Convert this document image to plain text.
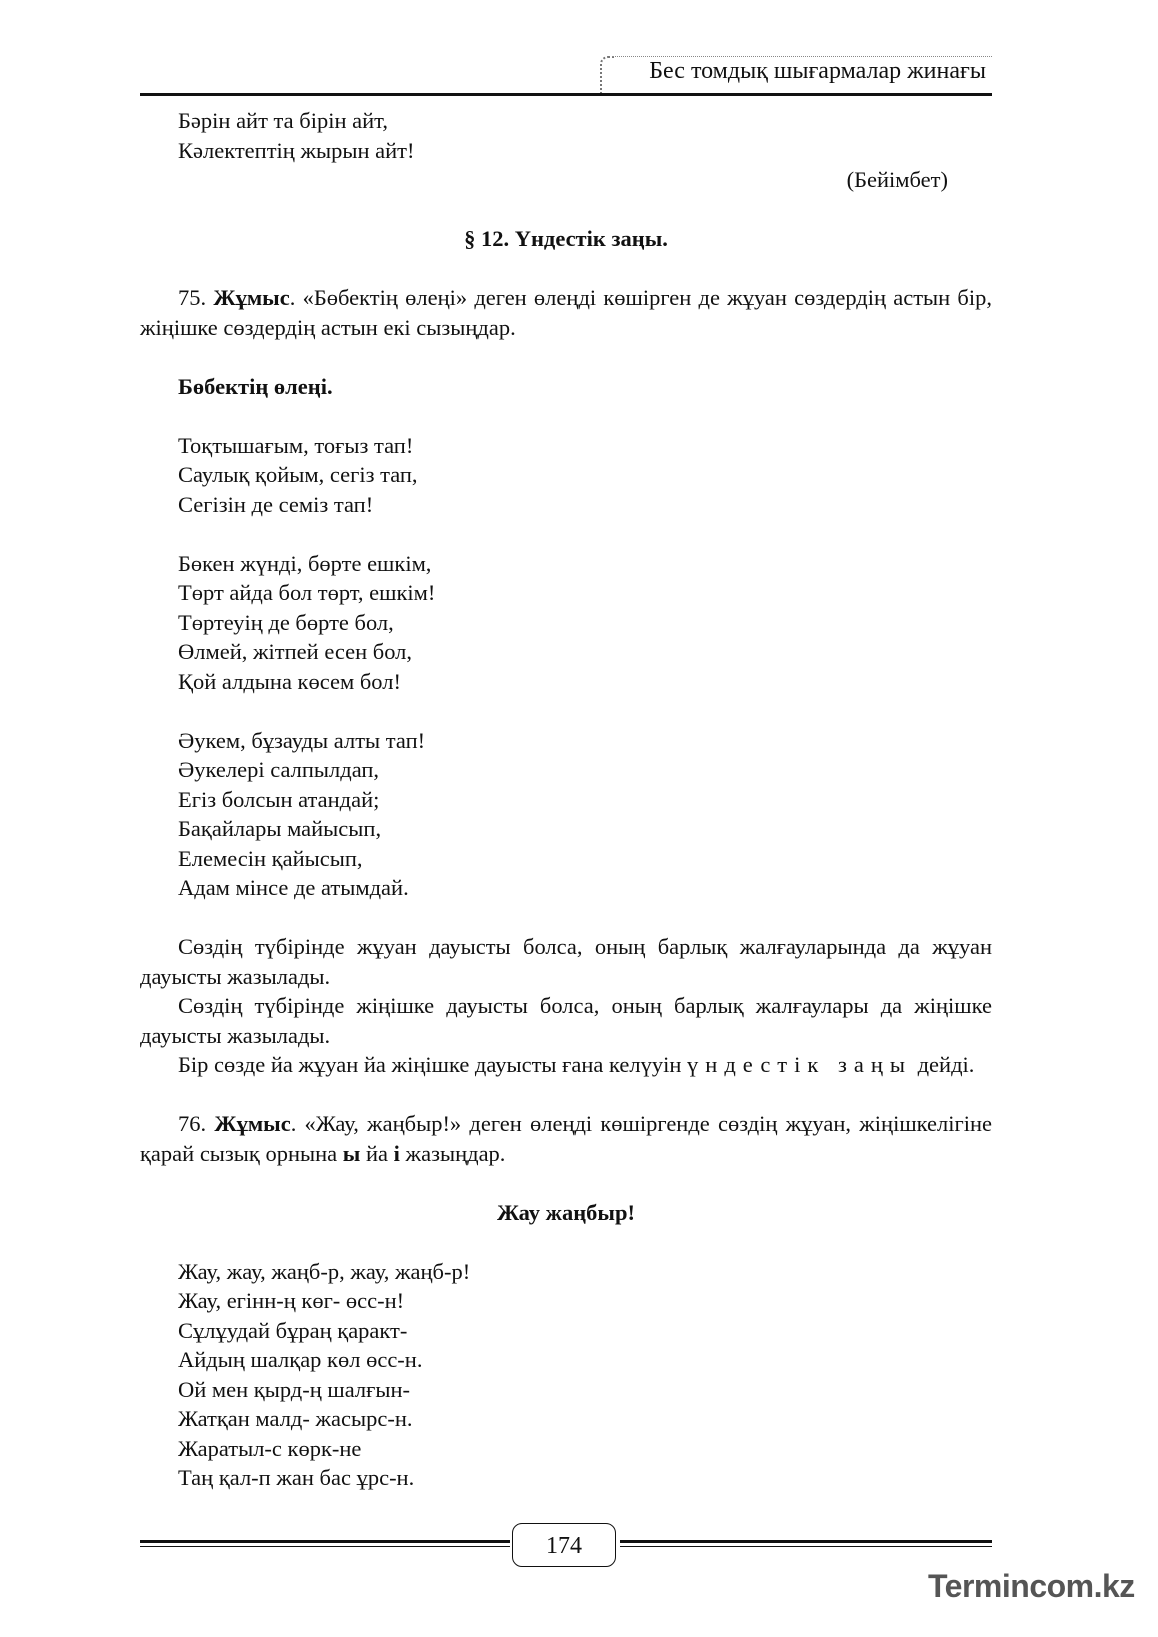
Бес томдық шығармалар жинағы
Бәрін айт та бірін айт,
Кәлектептің жырын айт!
(Бейімбет)
§ 12. Үндестік заңы.
75. Жұмыс. «Бөбектің өлеңі» деген өлеңді көшірген де жұуан сөздердің астын бір, жіңішке сөздердің астын екі сызыңдар.
Бөбектің өлеңі.
Тоқтышағым, тоғыз тап!
Саулық қойым, сегіз тап,
Сегізін де семіз тап!
Бөкен жүнді, бөрте ешкім,
Төрт айда бол төрт, ешкім!
Төртеуің де бөрте бол,
Өлмей, жітпей есен бол,
Қой алдына көсем бол!
Әукем, бұзауды алты тап!
Әукелері салпылдап,
Егіз болсын атандай;
Бақайлары майысып,
Елемесін қайысып,
Адам мінсе де атымдай.
Сөздің түбірінде жұуан дауысты болса, оның барлық жалғауларында да жұуан дауысты жазылады.
Сөздің түбірінде жіңішке дауысты болса, оның барлық жалғаулары да жіңішке дауысты жазылады.
Бір сөзде йа жұуан йа жіңішке дауысты ғана келүуін үндестік заңы дейді.
76. Жұмыс. «Жау, жаңбыр!» деген өлеңді көшіргенде сөздің жұуан, жіңішкелігіне қарай сызық орнына ы йа і жазыңдар.
Жау жаңбыр!
Жау, жау, жаңб-р, жау, жаңб-р!
Жау, егінн-ң көг- өсс-н!
Сұлұудай бұраң қаракт-
Айдың шалқар көл өсс-н.
Ой мен қырд-ң шалғын-
Жатқан малд- жасырс-н.
Жаратыл-с көрк-не
Таң қал-п жан бас ұрс-н.
174
Termincom.kz
